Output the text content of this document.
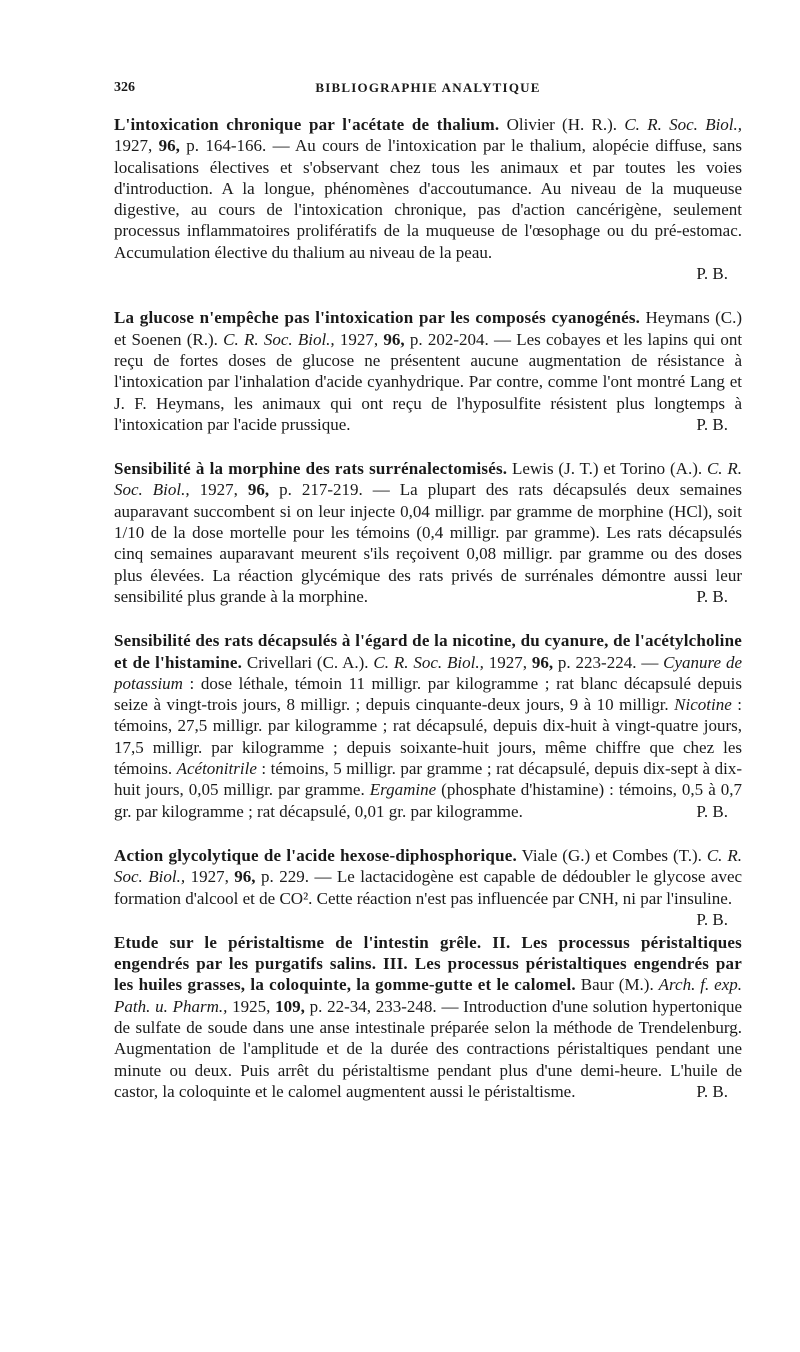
326	BIBLIOGRAPHIE ANALYTIQUE
L'intoxication chronique par l'acétate de thalium. Olivier (H. R.). C. R. Soc. Biol., 1927, 96, p. 164-166. — Au cours de l'intoxication par le thalium, alopécie diffuse, sans localisations électives et s'observant chez tous les animaux et par toutes les voies d'introduction. A la longue, phénomènes d'accoutumance. Au niveau de la muqueuse digestive, au cours de l'intoxication chronique, pas d'action cancérigène, seulement processus inflammatoires prolifératifs de la muqueuse de l'œsophage ou du pré-estomac. Accumulation élective du thalium au niveau de la peau.
P. B.
La glucose n'empêche pas l'intoxication par les composés cyanogénés. Heymans (C.) et Soenen (R.). C. R. Soc. Biol., 1927, 96, p. 202-204. — Les cobayes et les lapins qui ont reçu de fortes doses de glucose ne présentent aucune augmentation de résistance à l'intoxication par l'inhalation d'acide cyanhydrique. Par contre, comme l'ont montré Lang et J. F. Heymans, les animaux qui ont reçu de l'hyposulfite résistent plus longtemps à l'intoxication par l'acide prussique.	P. B.
Sensibilité à la morphine des rats surrénalectomisés. Lewis (J. T.) et Torino (A.). C. R. Soc. Biol., 1927, 96, p. 217-219. — La plupart des rats décapsulés deux semaines auparavant succombent si on leur injecte 0,04 milligr. par gramme de morphine (HCl), soit 1/10 de la dose mortelle pour les témoins (0,4 milligr. par gramme). Les rats décapsulés cinq semaines auparavant meurent s'ils reçoivent 0,08 milligr. par gramme ou des doses plus élevées. La réaction glycémique des rats privés de surrénales démontre aussi leur sensibilité plus grande à la morphine.	P. B.
Sensibilité des rats décapsulés à l'égard de la nicotine, du cyanure, de l'acétylcholine et de l'histamine. Crivellari (C. A.). C. R. Soc. Biol., 1927, 96, p. 223-224. — Cyanure de potassium : dose léthale, témoin 11 milligr. par kilogramme ; rat blanc décapsulé depuis seize à vingt-trois jours, 8 milligr. ; depuis cinquante-deux jours, 9 à 10 milligr. Nicotine : témoins, 27,5 milligr. par kilogramme ; rat décapsulé, depuis dix-huit à vingt-quatre jours, 17,5 milligr. par kilogramme ; depuis soixante-huit jours, même chiffre que chez les témoins. Acétonitrile : témoins, 5 milligr. par gramme ; rat décapsulé, depuis dix-sept à dix-huit jours, 0,05 milligr. par gramme. Ergamine (phosphate d'histamine) : témoins, 0,5 à 0,7 gr. par kilogramme ; rat décapsulé, 0,01 gr. par kilogramme.	P. B.
Action glycolytique de l'acide hexose-diphosphorique. Viale (G.) et Combes (T.). C. R. Soc. Biol., 1927, 96, p. 229. — Le lactacidogène est capable de dédoubler le glycose avec formation d'alcool et de CO². Cette réaction n'est pas influencée par CNH, ni par l'insuline.
P. B.
Etude sur le péristaltisme de l'intestin grêle. II. Les processus péristaltiques engendrés par les purgatifs salins. III. Les processus péristaltiques engendrés par les huiles grasses, la coloquinte, la gomme-gutte et le calomel. Baur (M.). Arch. f. exp. Path. u. Pharm., 1925, 109, p. 22-34, 233-248. — Introduction d'une solution hypertonique de sulfate de soude dans une anse intestinale préparée selon la méthode de Trendelenburg. Augmentation de l'amplitude et de la durée des contractions péristaltiques pendant une minute ou deux. Puis arrêt du péristaltisme pendant plus d'une demi-heure. L'huile de castor, la coloquinte et le calomel augmentent aussi le péristaltisme.	P. B.
